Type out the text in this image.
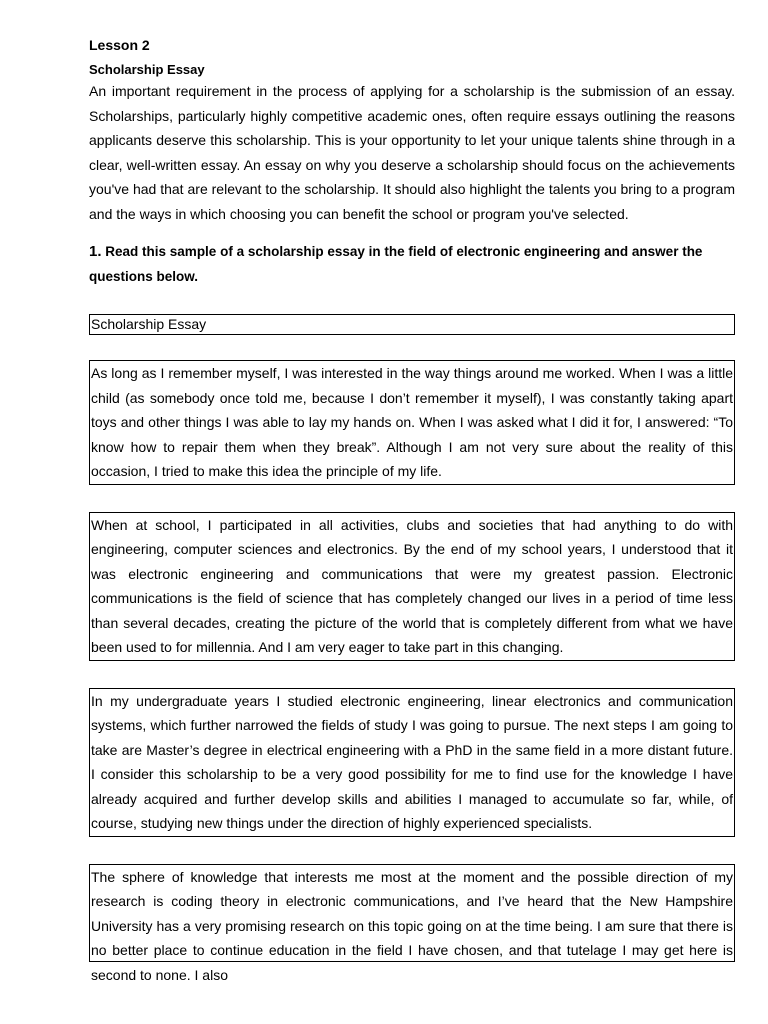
Lesson 2
Scholarship Essay

An important requirement in the process of applying for a scholarship is the submission of an essay. Scholarships, particularly highly competitive academic ones, often require essays outlining the reasons applicants deserve this scholarship. This is your opportunity to let your unique talents shine through in a clear, well-written essay. An essay on why you deserve a scholarship should focus on the achievements you've had that are relevant to the scholarship. It should also highlight the talents you bring to a program and the ways in which choosing you can benefit the school or program you've selected.

1. Read this sample of a scholarship essay in the field of electronic engineering and answer the questions below.

Scholarship Essay
As long as I remember myself, I was interested in the way things around me worked. When I was a little child (as somebody once told me, because I don’t remember it myself), I was constantly taking apart toys and other things I was able to lay my hands on. When I was asked what I did it for, I answered: “To know how to repair them when they break”. Although I am not very sure about the reality of this occasion, I tried to make this idea the principle of my life.
When at school, I participated in all activities, clubs and societies that had anything to do with engineering, computer sciences and electronics. By the end of my school years, I understood that it was electronic engineering and communications that were my greatest passion. Electronic communications is the field of science that has completely changed our lives in a period of time less than several decades, creating the picture of the world that is completely different from what we have been used to for millennia. And I am very eager to take part in this changing.
In my undergraduate years I studied electronic engineering, linear electronics and communication systems, which further narrowed the fields of study I was going to pursue. The next steps I am going to take are Master’s degree in electrical engineering with a PhD in the same field in a more distant future. I consider this scholarship to be a very good possibility for me to find use for the knowledge I have already acquired and further develop skills and abilities I managed to accumulate so far, while, of course, studying new things under the direction of highly experienced specialists.
The sphere of knowledge that interests me most at the moment and the possible direction of my research is coding theory in electronic communications, and I’ve heard that the New Hampshire University has a very promising research on this topic going on at the time being. I am sure that there is no better place to continue education in the field I have chosen, and that tutelage I may get here is second to none. I also
